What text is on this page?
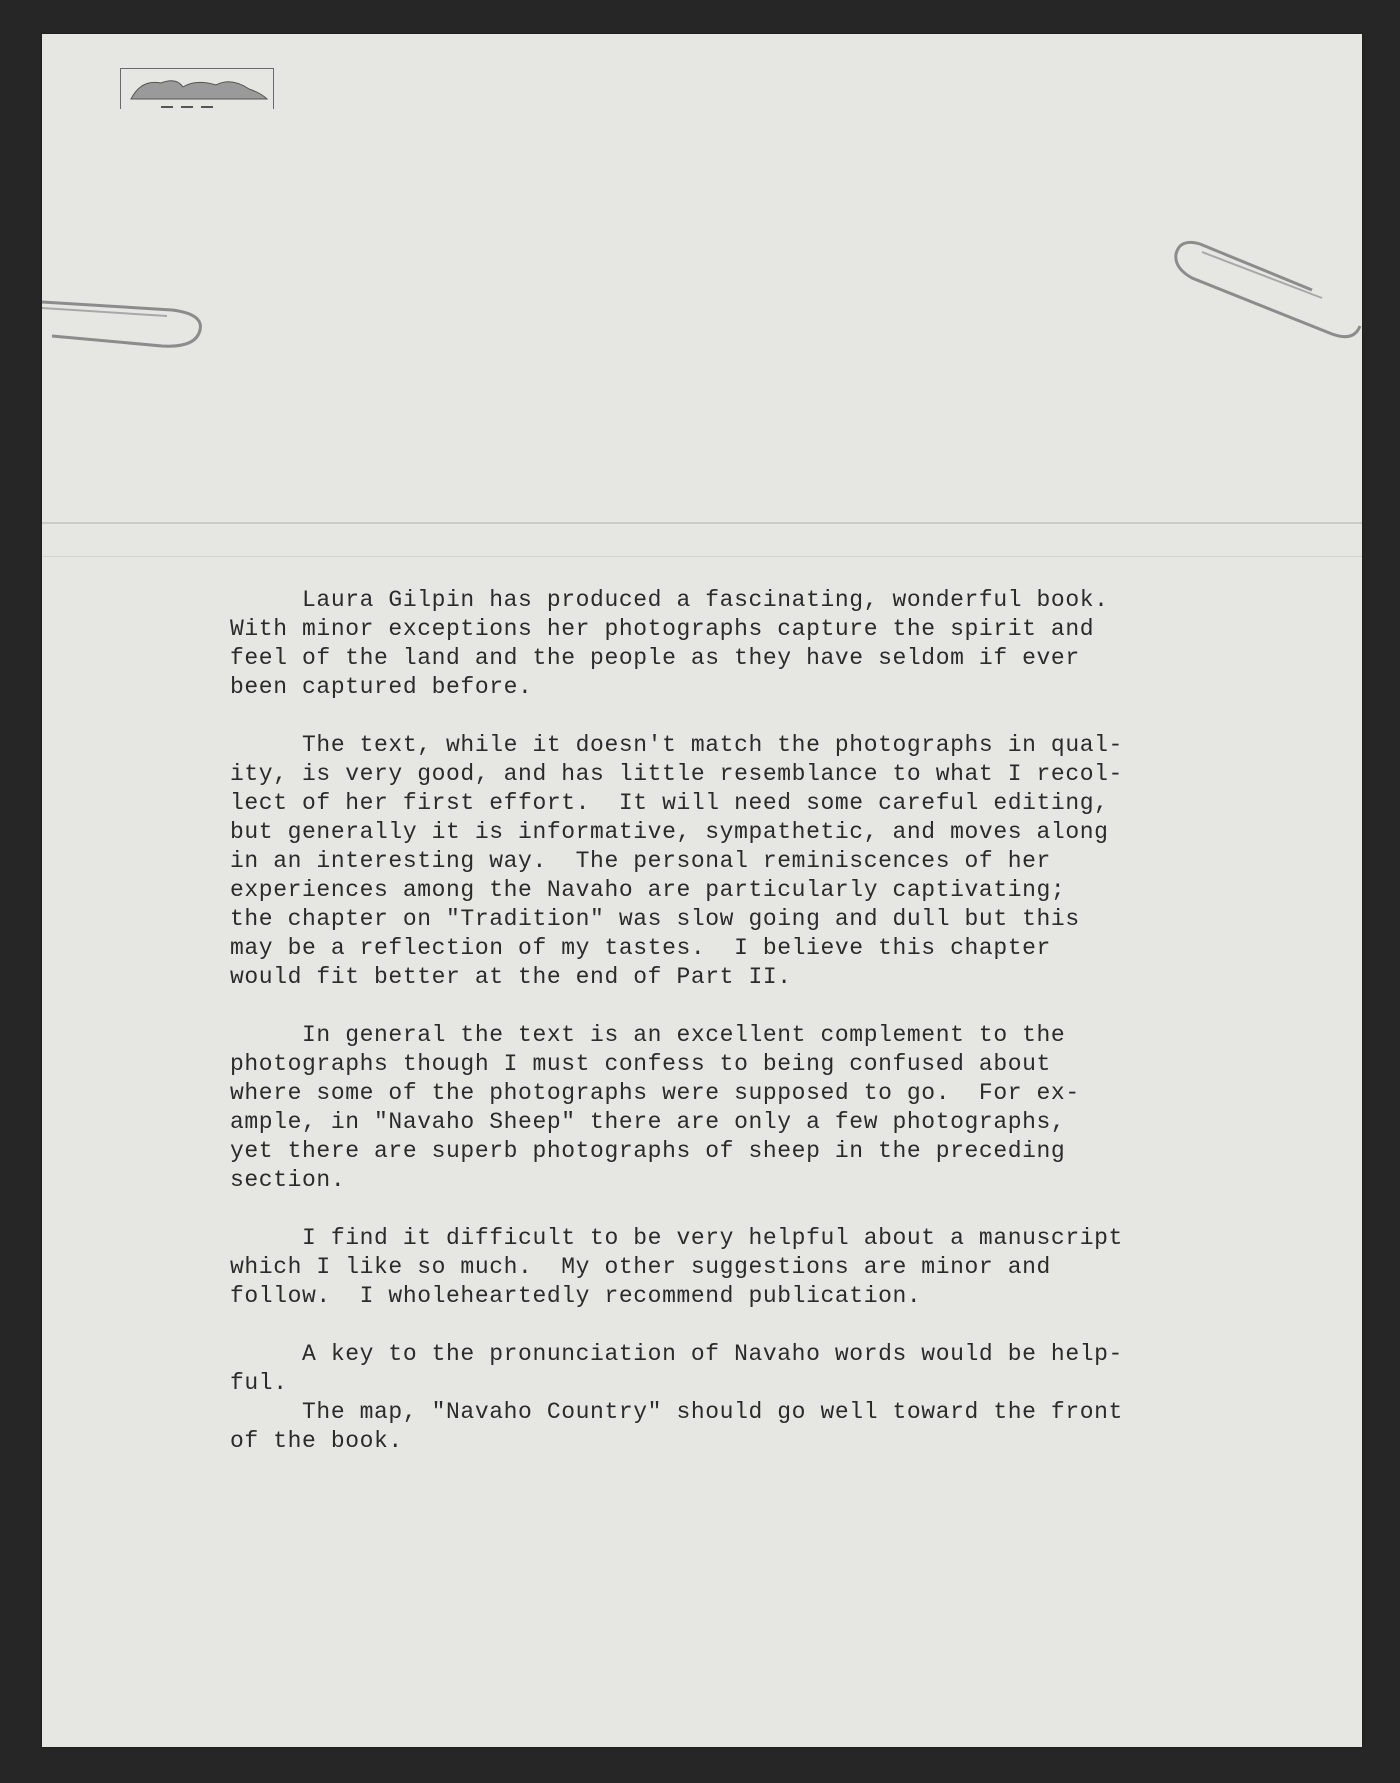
Laura Gilpin has produced a fascinating, wonderful book.
With minor exceptions her photographs capture the spirit and
feel of the land and the people as they have seldom if ever
been captured before.
The text, while it doesn't match the photographs in qual-
ity, is very good, and has little resemblance to what I recol-
lect of her first effort.  It will need some careful editing,
but generally it is informative, sympathetic, and moves along
in an interesting way.  The personal reminiscences of her
experiences among the Navaho are particularly captivating;
the chapter on "Tradition" was slow going and dull but this
may be a reflection of my tastes.  I believe this chapter
would fit better at the end of Part II.
In general the text is an excellent complement to the
photographs though I must confess to being confused about
where some of the photographs were supposed to go.  For ex-
ample, in "Navaho Sheep" there are only a few photographs,
yet there are superb photographs of sheep in the preceding
section.
I find it difficult to be very helpful about a manuscript
which I like so much.  My other suggestions are minor and
follow.  I wholeheartedly recommend publication.
A key to the pronunciation of Navaho words would be help-
ful.
The map, "Navaho Country" should go well toward the front
of the book.
